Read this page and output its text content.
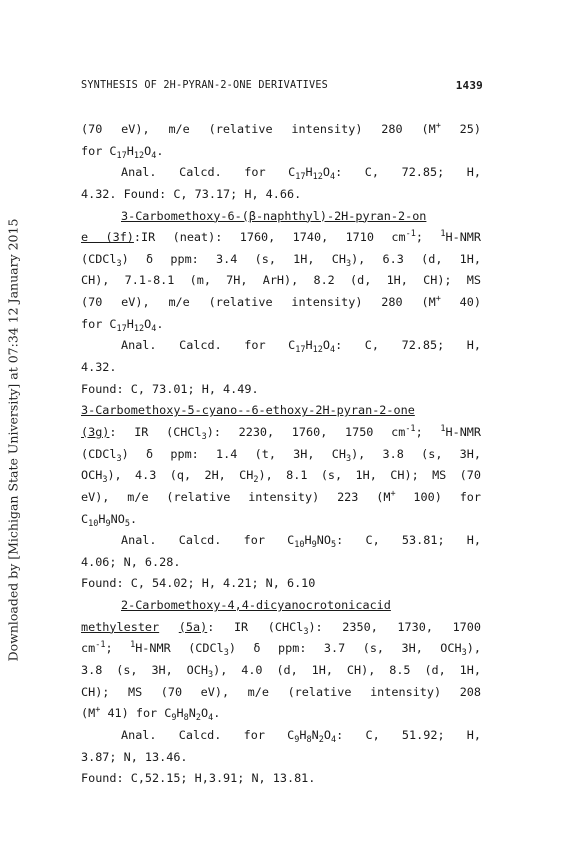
Downloaded by [Michigan State University] at 07:34 12 January 2015
SYNTHESIS OF 2H-PYRAN-2-ONE DERIVATIVES	1439

(70 eV), m/e (relative intensity) 280 (M+ 25)
for $C_{17}H_{12}O_4$.

Anal. Calcd. for $C_{17}H_{12}O_4$: C, 72.85; H,
4.32. Found: C, 73.17; H, 4.66.

3-Carbomethoxy-6-(β-naphthyl)-2H-pyran-2-on
e (3f):IR (neat): 1760, 1740, 1710 $cm^{-1}$; $^1$H-NMR
(CDCl$_3$) δ ppm: 3.4 (s, 1H, $CH_3$), 6.3 (d, 1H,
CH), 7.1-8.1 (m, 7H, ArH), 8.2 (d, 1H, CH); MS
(70 eV), m/e (relative intensity) 280 (M+ 40)
for $C_{17}H_{12}O_4$.

Anal. Calcd. for $C_{17}H_{12}O_4$: C, 72.85; H,
4.32.

Found: C, 73.01; H, 4.49.

3-Carbomethoxy-5-cyano--6-ethoxy-2H-pyran-2-one
(3g): IR (CHCl$_3$): 2230, 1760, 1750 $cm^{-1}$; $^1$H-NMR
(CDCl$_3$) δ ppm: 1.4 (t, 3H, $CH_3$), 3.8 (s, 3H,
$OCH_3$), 4.3 (q, 2H, $CH_2$), 8.1 (s, 1H, CH); MS (70
eV), m/e (relative intensity) 223 (M+ 100) for
$C_{10}H_9NO_5$.

Anal. Calcd. for $C_{10}H_9NO_5$: C, 53.81; H,
4.06; N, 6.28.

Found: C, 54.02; H, 4.21; N, 6.10

2-Carbomethoxy-4,4-dicyanocrotonicacid
methylester (5a): IR (CHCl$_3$): 2350, 1730, 1700
$cm^{-1}$; $^1$H-NMR (CDCl$_3$) δ ppm: 3.7 (s, 3H, $OCH_3$),
3.8 (s, 3H, $OCH_3$), 4.0 (d, 1H, CH), 8.5 (d, 1H,
CH); MS (70 eV), m/e (relative intensity) 208
(M+ 41) for $C_9H_8N_2O_4$.

Anal. Calcd. for $C_9H_8N_2O_4$: C, 51.92; H,
3.87; N, 13.46.

Found: C,52.15; H,3.91; N, 13.81.
